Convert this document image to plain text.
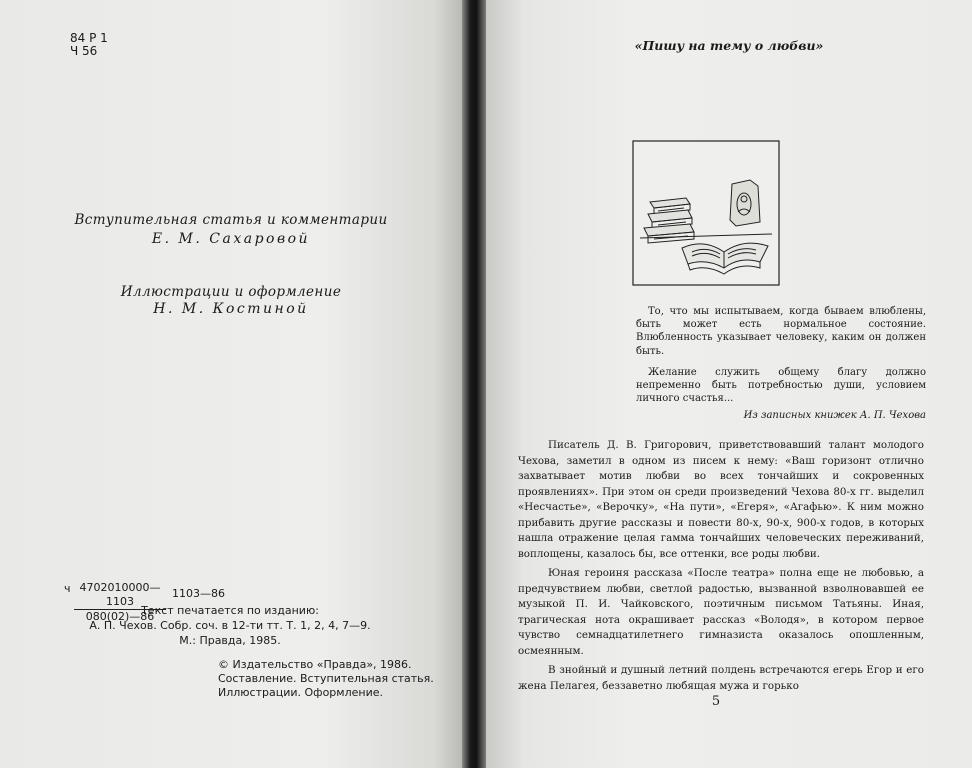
84 Р 1
Ч 56
Вступительная статья и комментарии
Е. М. Сахаровой
Иллюстрации и оформление
Н. М. Костиной
ч $\frac{4702010000—1103}{080(02)—86}$ 1103—86
Текст печатается по изданию:
А. П. Чехов. Собр. соч. в 12-ти тт. Т. 1, 2, 4, 7—9.
М.: Правда, 1985.
© Издательство «Правда», 1986.
Составление. Вступительная статья.
Иллюстрации. Оформление.
«Пишу на тему о любви»

То, что мы испытываем, когда бываем влюблены, быть может есть нормальное состояние. Влюбленность указывает человеку, каким он должен быть.

Желание служить общему благу должно непременно быть потребностью души, условием личного счастья...

Из записных книжек А. П. Чехова

Писатель Д. В. Григорович, приветствовавший талант молодого Чехова, заметил в одном из писем к нему: «Ваш горизонт отлично захватывает мотив любви во всех тончайших и сокровенных проявлениях». При этом он среди произведений Чехова 80-х гг. выделил «Несчастье», «Верочку», «На пути», «Егеря», «Агафью». К ним можно прибавить другие рассказы и повести 80-х, 90-х, 900-х годов, в которых нашла отражение целая гамма тончайших человеческих переживаний, воплощены, казалось бы, все оттенки, все роды любви.

Юная героиня рассказа «После театра» полна еще не любовью, а предчувствием любви, светлой радостью, вызванной взволновавшей ее музыкой П. И. Чайковского, поэтичным письмом Татьяны. Иная, трагическая нота окрашивает рассказ «Володя», в котором первое чувство семнадцатилетнего гимназиста оказалось опошленным, осмеянным.

В знойный и душный летний полдень встречаются егерь Егор и его жена Пелагея, беззаветно любящая мужа и горько

5
